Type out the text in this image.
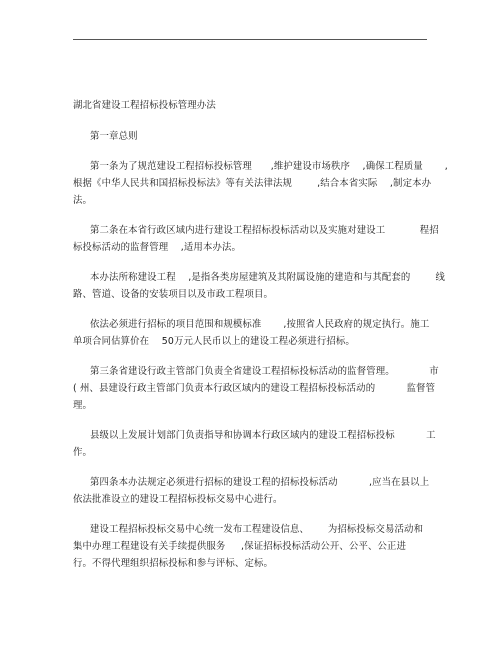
湖北省建设工程招标投标管理办法
第一章总则
第一条为了规范建设工程招标投标管理      ,维护建设市场秩序    ,确保工程质量       ,
根据《中华人民共和国招标投标法》等有关法律法规        ,结合本省实际    ,制定本办
法。
第二条在本省行政区域内进行建设工程招标投标活动以及实施对建设工           程招
标投标活动的监督管理    ,适用本办法。
本办法所称建设工程    ,是指各类房屋建筑及其附属设施的建造和与其配套的        线
路、管道、设备的安装项目以及市政工程项目。
依法必须进行招标的项目范围和规模标准       ,按照省人民政府的规定执行。施工
单项合同估算价在    50万元人民币以上的建设工程必须进行招标。
第三条省建设行政主管部门负责全省建设工程招标投标活动的监督管理。           市
( 州、县建设行政主管部门负责本行政区域内的建设工程招标投标活动的          监督管
理。
县级以上发展计划部门负责指导和协调本行政区域内的建设工程招标投标          工
作。
第四条本办法规定必须进行招标的建设工程的招标投标活动          ,应当在县以上
依法批准设立的建设工程招标投标交易中心进行。
建设工程招标投标交易中心统一发布工程建设信息、      为招标投标交易活动和
集中办理工程建设有关手续提供服务     ,保证招标投标活动公开、公平、公正进
行。不得代理组织招标投标和参与评标、定标。
